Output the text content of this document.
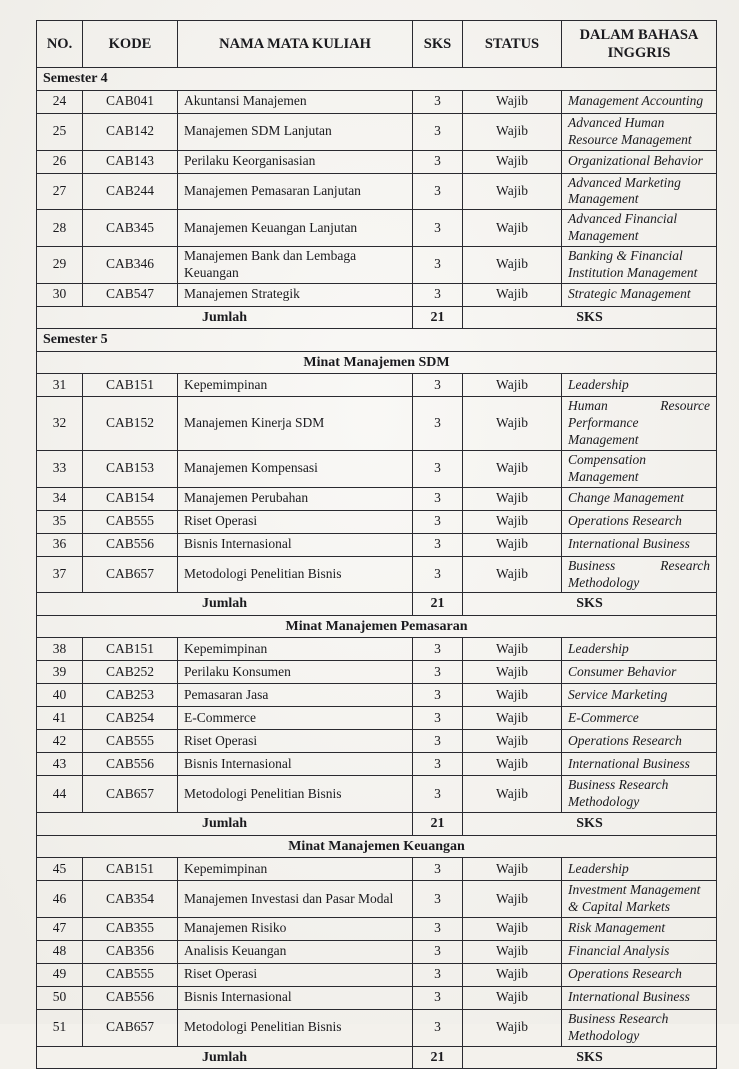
NO.	KODE	NAMA MATA KULIAH	SKS	STATUS	DALAM BAHASA INGGRIS
Semester 4					
24	CAB041	Akuntansi Manajemen	3	Wajib	Management Accounting
25	CAB142	Manajemen SDM Lanjutan	3	Wajib	Advanced Human Resource Management
26	CAB143	Perilaku Keorganisasian	3	Wajib	Organizational Behavior
27	CAB244	Manajemen Pemasaran Lanjutan	3	Wajib	Advanced Marketing Management
28	CAB345	Manajemen Keuangan Lanjutan	3	Wajib	Advanced Financial Management
29	CAB346	Manajemen Bank dan Lembaga Keuangan	3	Wajib	Banking & Financial Institution Management
30	CAB547	Manajemen Strategik	3	Wajib	Strategic Management
Jumlah			21	SKS	
Semester 5					
Minat Manajemen SDM					
31	CAB151	Kepemimpinan	3	Wajib	Leadership
32	CAB152	Manajemen Kinerja SDM	3	Wajib	Human Resource Performance Management
33	CAB153	Manajemen Kompensasi	3	Wajib	Compensation Management
34	CAB154	Manajemen Perubahan	3	Wajib	Change Management
35	CAB555	Riset Operasi	3	Wajib	Operations Research
36	CAB556	Bisnis Internasional	3	Wajib	International Business
37	CAB657	Metodologi Penelitian Bisnis	3	Wajib	Business Research Methodology
Jumlah			21	SKS	
Minat Manajemen Pemasaran					
38	CAB151	Kepemimpinan	3	Wajib	Leadership
39	CAB252	Perilaku Konsumen	3	Wajib	Consumer Behavior
40	CAB253	Pemasaran Jasa	3	Wajib	Service Marketing
41	CAB254	E-Commerce	3	Wajib	E-Commerce
42	CAB555	Riset Operasi	3	Wajib	Operations Research
43	CAB556	Bisnis Internasional	3	Wajib	International Business
44	CAB657	Metodologi Penelitian Bisnis	3	Wajib	Business Research Methodology
Jumlah			21	SKS	
Minat Manajemen Keuangan					
45	CAB151	Kepemimpinan	3	Wajib	Leadership
46	CAB354	Manajemen Investasi dan Pasar Modal	3	Wajib	Investment Management & Capital Markets
47	CAB355	Manajemen Risiko	3	Wajib	Risk Management
48	CAB356	Analisis Keuangan	3	Wajib	Financial Analysis
49	CAB555	Riset Operasi	3	Wajib	Operations Research
50	CAB556	Bisnis Internasional	3	Wajib	International Business
51	CAB657	Metodologi Penelitian Bisnis	3	Wajib	Business Research Methodology
Jumlah			21	SKS	
